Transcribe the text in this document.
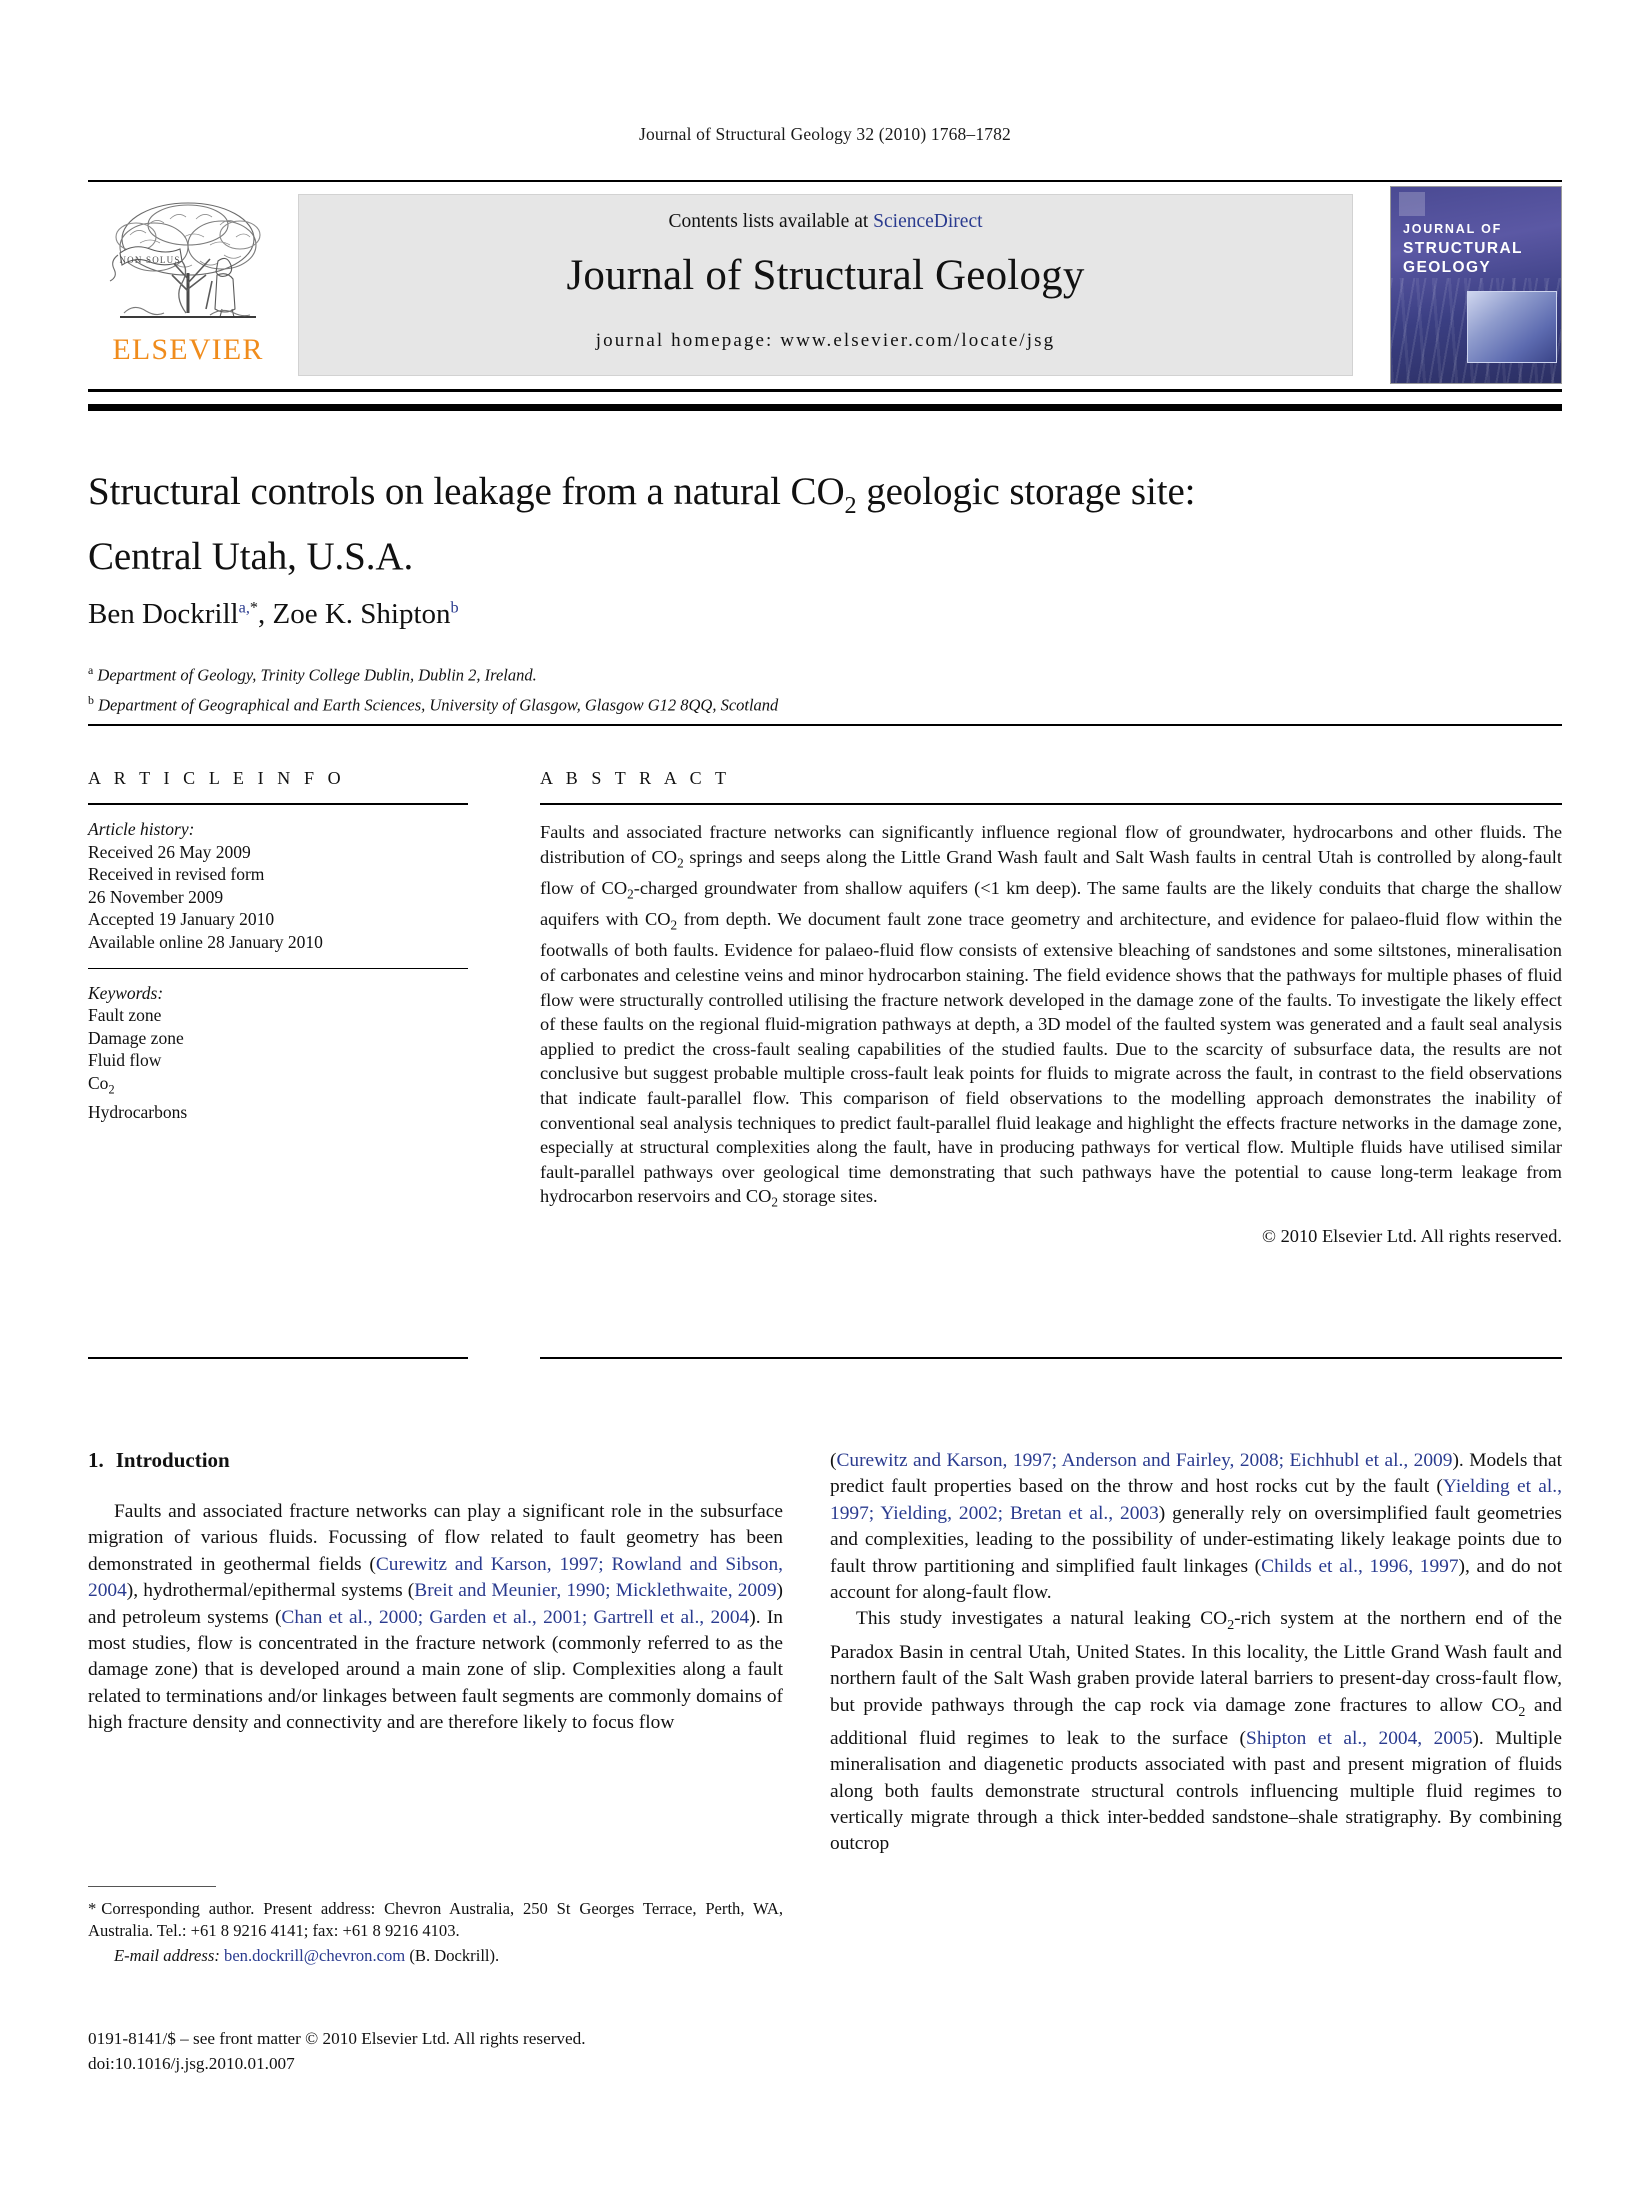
Journal of Structural Geology 32 (2010) 1768–1782
NON SOLUS
ELSEVIER
Contents lists available at ScienceDirect
Journal of Structural Geology
journal homepage: www.elsevier.com/locate/jsg
JOURNAL OF
STRUCTURAL
GEOLOGY
Structural controls on leakage from a natural $CO_2$ geologic storage site:
Central Utah, U.S.A.
Ben Dockrill$^{a,*}$, Zoe K. Shipton$^b$
$^a$ Department of Geology, Trinity College Dublin, Dublin 2, Ireland.
$^b$ Department of Geographical and Earth Sciences, University of Glasgow, Glasgow G12 8QQ, Scotland
A R T I C L E I N F O
Article history:
Received 26 May 2009
Received in revised form
26 November 2009
Accepted 19 January 2010
Available online 28 January 2010
Keywords:
Fault zone
Damage zone
Fluid flow
$Co_2$
Hydrocarbons
A B S T R A C T
Faults and associated fracture networks can significantly influence regional flow of groundwater, hydrocarbons and other fluids. The distribution of $CO_2$ springs and seeps along the Little Grand Wash fault and Salt Wash faults in central Utah is controlled by along-fault flow of $CO_2$-charged groundwater from shallow aquifers (<1 km deep). The same faults are the likely conduits that charge the shallow aquifers with $CO_2$ from depth. We document fault zone trace geometry and architecture, and evidence for palaeo-fluid flow within the footwalls of both faults. Evidence for palaeo-fluid flow consists of extensive bleaching of sandstones and some siltstones, mineralisation of carbonates and celestine veins and minor hydrocarbon staining. The field evidence shows that the pathways for multiple phases of fluid flow were structurally controlled utilising the fracture network developed in the damage zone of the faults. To investigate the likely effect of these faults on the regional fluid-migration pathways at depth, a 3D model of the faulted system was generated and a fault seal analysis applied to predict the cross-fault sealing capabilities of the studied faults. Due to the scarcity of subsurface data, the results are not conclusive but suggest probable multiple cross-fault leak points for fluids to migrate across the fault, in contrast to the field observations that indicate fault-parallel flow. This comparison of field observations to the modelling approach demonstrates the inability of conventional seal analysis techniques to predict fault-parallel fluid leakage and highlight the effects fracture networks in the damage zone, especially at structural complexities along the fault, have in producing pathways for vertical flow. Multiple fluids have utilised similar fault-parallel pathways over geological time demonstrating that such pathways have the potential to cause long-term leakage from hydrocarbon reservoirs and $CO_2$ storage sites.
© 2010 Elsevier Ltd. All rights reserved.
1. Introduction

Faults and associated fracture networks can play a significant role in the subsurface migration of various fluids. Focussing of flow related to fault geometry has been demonstrated in geothermal fields (Curewitz and Karson, 1997; Rowland and Sibson, 2004), hydrothermal/epithermal systems (Breit and Meunier, 1990; Micklethwaite, 2009) and petroleum systems (Chan et al., 2000; Garden et al., 2001; Gartrell et al., 2004). In most studies, flow is concentrated in the fracture network (commonly referred to as the damage zone) that is developed around a main zone of slip. Complexities along a fault related to terminations and/or linkages between fault segments are commonly domains of high fracture density and connectivity and are therefore likely to focus flow

(Curewitz and Karson, 1997; Anderson and Fairley, 2008; Eichhubl et al., 2009). Models that predict fault properties based on the throw and host rocks cut by the fault (Yielding et al., 1997; Yielding, 2002; Bretan et al., 2003) generally rely on oversimplified fault geometries and complexities, leading to the possibility of under-estimating likely leakage points due to fault throw partitioning and simplified fault linkages (Childs et al., 1996, 1997), and do not account for along-fault flow.

This study investigates a natural leaking $CO_2$-rich system at the northern end of the Paradox Basin in central Utah, United States. In this locality, the Little Grand Wash fault and northern fault of the Salt Wash graben provide lateral barriers to present-day cross-fault flow, but provide pathways through the cap rock via damage zone fractures to allow $CO_2$ and additional fluid regimes to leak to the surface (Shipton et al., 2004, 2005). Multiple mineralisation and diagenetic products associated with past and present migration of fluids along both faults demonstrate structural controls influencing multiple fluid regimes to vertically migrate through a thick inter-bedded sandstone–shale stratigraphy. By combining outcrop

* Corresponding author. Present address: Chevron Australia, 250 St Georges Terrace, Perth, WA, Australia. Tel.: +61 8 9216 4141; fax: +61 8 9216 4103.
E-mail address: ben.dockrill@chevron.com (B. Dockrill).
0191-8141/$ – see front matter © 2010 Elsevier Ltd. All rights reserved.
doi:10.1016/j.jsg.2010.01.007
